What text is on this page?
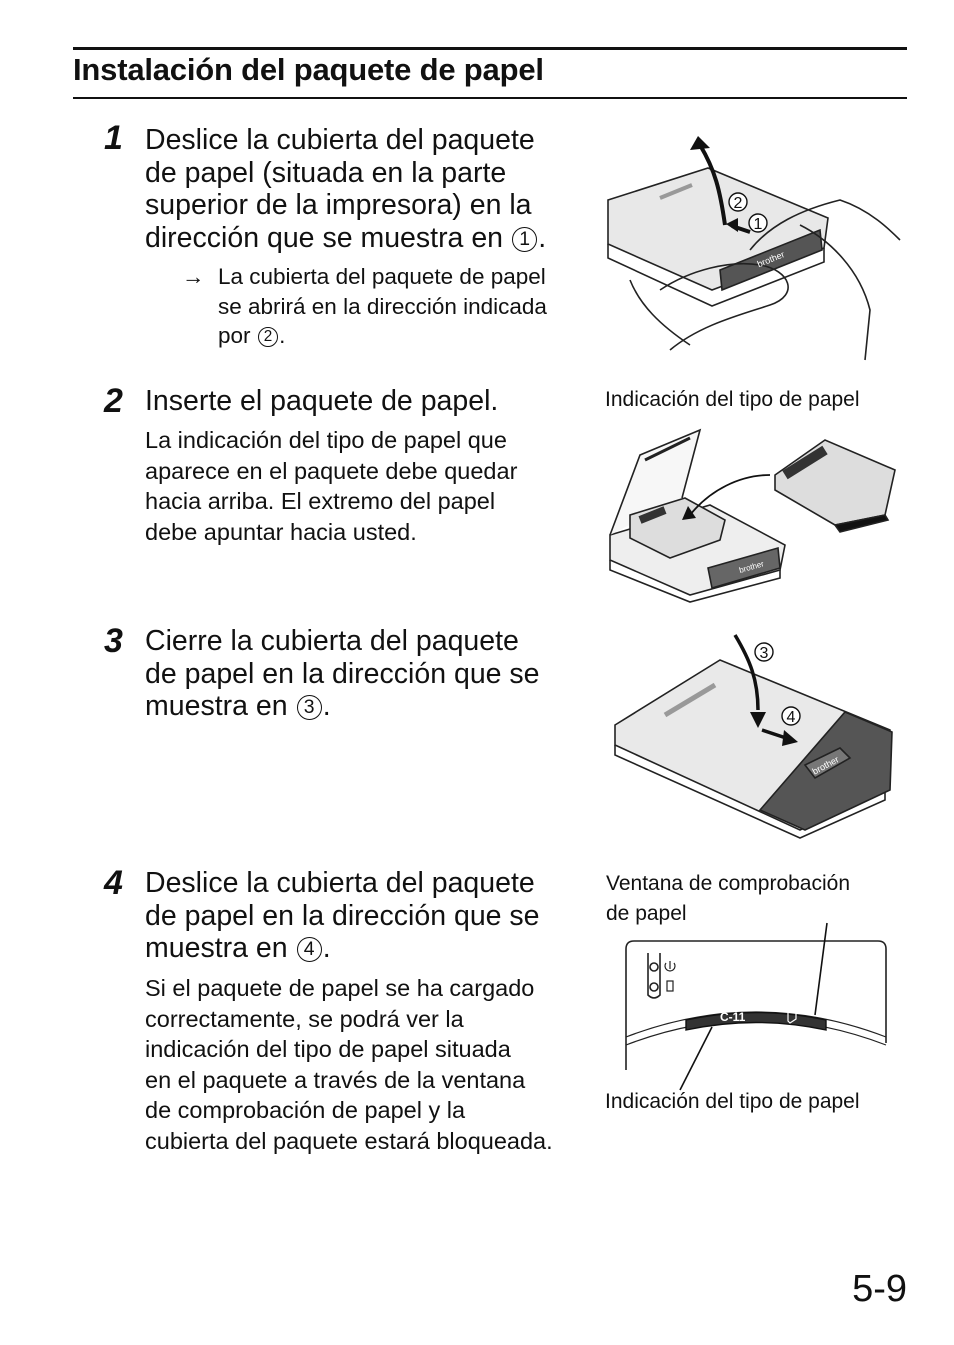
Instalación del paquete de papel
1 Deslice la cubierta del paquete
de papel (situada en la parte
superior de la impresora) en la
dirección que se muestra en 1 .
→ La cubierta del paquete de papel
se abrirá en la dirección indicada
por 2 .
2
1
brother
2 Inserte el paquete de papel.
La indicación del tipo de papel que
aparece en el paquete debe quedar
hacia arriba. El extremo del papel
debe apuntar hacia usted.
Indicación del tipo de papel
brother
3 Cierre la cubierta del paquete
de papel en la dirección que se
muestra en 3 .
3
4
brother
4 Deslice la cubierta del paquete
de papel en la dirección que se
muestra en 4 .
Si el paquete de papel se ha cargado
correctamente, se podrá ver la
indicación del tipo de papel situada
en el paquete a través de la ventana
de comprobación de papel y la
cubierta del paquete estará bloqueada.
Ventana de comprobación
de papel
Indicación del tipo de papel
C-11
5-9
